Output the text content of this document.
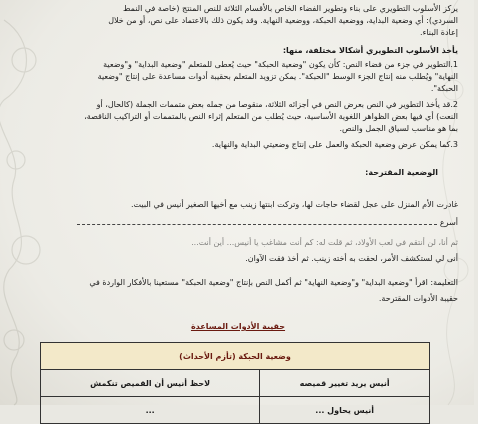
يركز الأسلوب التطويري على بناء وتطوير الفضاء الخاص بالأقسام الثلاثة للنص المنتج (خاصة في النمط
السردي): أي وضعية البداية، ووضعية الحبكة، ووضعية النهاية. وقد يكون ذلك بالاعتماد على نص، أو من خلال
إعادة البناء.
يأخذ الأسلوب التطويري أشكالا مختلفة، منها:
1.التطوير في جزء من فضاء النص: كأن يكون "وضعية الحبكة" حيث يُعطى للمتعلم "وضعية البداية" و"وضعية
النهاية" ويُطلب منه إنتاج الجزء الوسط "الحبكة". يمكن تزويد المتعلم بحقيبة أدوات مساعدة على إنتاج "وضعية
الحبكة".
2.قد يأخذ التطوير في النص بعرض النص في أجزائه الثلاثة، منقوصا من جمله بعض متممات الجملة (كالحال، أو
النعت) أي فيها بعض الظواهر اللغوية الأساسية، حيث يُطلب من المتعلم إثراء النص بالمتممات أو التراكيب الناقصة،
بما هو مناسب لسياق الجمل والنص.
3.كما يمكن عرض وضعية الحبكة والعمل على إنتاج وضعيتي البداية والنهاية.
الوضعية المقترحة:
غادرت الأم المنزل على عجل لقضاء حاجات لها، وتركت ابنتها زينب مع أخيها الصغير أنيس في البيت.
أسرع
ثم أنا، لن أنتقم في لعب الأولاد، ثم قلت له: كم أنت مشاغب يا أنيس... أين أنت...
أنى لي لستكشف الأمر، لحقت به أخته زينب. ثم أخذ فقت الآوان.
التعليمة: اقرأ "وضعية البداية" و"وضعية النهاية" ثم أكمل النص بإنتاج "وضعية الحبكة" مستعينا بالأفكار الواردة في
حقيبة الأدوات المقترحة.
حقيبة الأدوات المساعدة
وضعية الحبكة (تأزم الأحداث)	
أنيس يريد تغيير قميصه	لاحظ أنيس أن القميص تنكمش
أنيس يحاول ...	...
